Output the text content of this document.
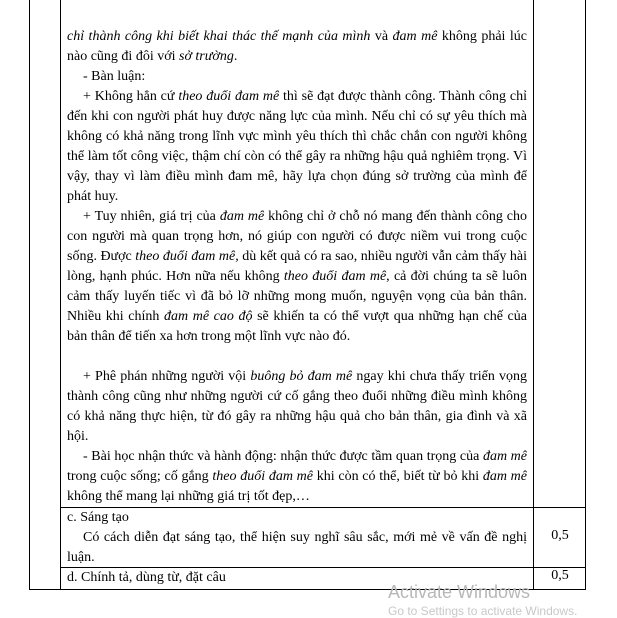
chỉ thành công khi biết khai thác thế mạnh của mình và đam mê không phải lúc nào cũng đi đôi với sở trường.

- Bàn luận:

+ Không hẳn cứ theo đuổi đam mê thì sẽ đạt được thành công. Thành công chỉ đến khi con người phát huy được năng lực của mình. Nếu chỉ có sự yêu thích mà không có khả năng trong lĩnh vực mình yêu thích thì chắc chắn con người không thể làm tốt công việc, thậm chí còn có thể gây ra những hậu quả nghiêm trọng. Vì vậy, thay vì làm điều mình đam mê, hãy lựa chọn đúng sở trường của mình để phát huy.

+ Tuy nhiên, giá trị của đam mê không chỉ ở chỗ nó mang đến thành công cho con người mà quan trọng hơn, nó giúp con người có được niềm vui trong cuộc sống. Được theo đuổi đam mê, dù kết quả có ra sao, nhiều người vẫn cảm thấy hài lòng, hạnh phúc. Hơn nữa nếu không theo đuổi đam mê, cả đời chúng ta sẽ luôn cảm thấy luyến tiếc vì đã bỏ lỡ những mong muốn, nguyện vọng của bản thân. Nhiều khi chính đam mê cao độ sẽ khiến ta có thể vượt qua những hạn chế của bản thân để tiến xa hơn trong một lĩnh vực nào đó.

+ Phê phán những người vội buông bỏ đam mê ngay khi chưa thấy triển vọng thành công cũng như những người cứ cố gắng theo đuổi những điều mình không có khả năng thực hiện, từ đó gây ra những hậu quả cho bản thân, gia đình và xã hội.

- Bài học nhận thức và hành động: nhận thức được tầm quan trọng của đam mê trong cuộc sống; cố gắng theo đuổi đam mê khi còn có thể, biết từ bỏ khi đam mê không thể mang lại những giá trị tốt đẹp,…

c. Sáng tạo

Có cách diễn đạt sáng tạo, thể hiện suy nghĩ sâu sắc, mới mẻ về vấn đề nghị luận.

0,5

d. Chính tả, dùng từ, đặt câu	0,5
Activate Windows
Go to Settings to activate Windows.
